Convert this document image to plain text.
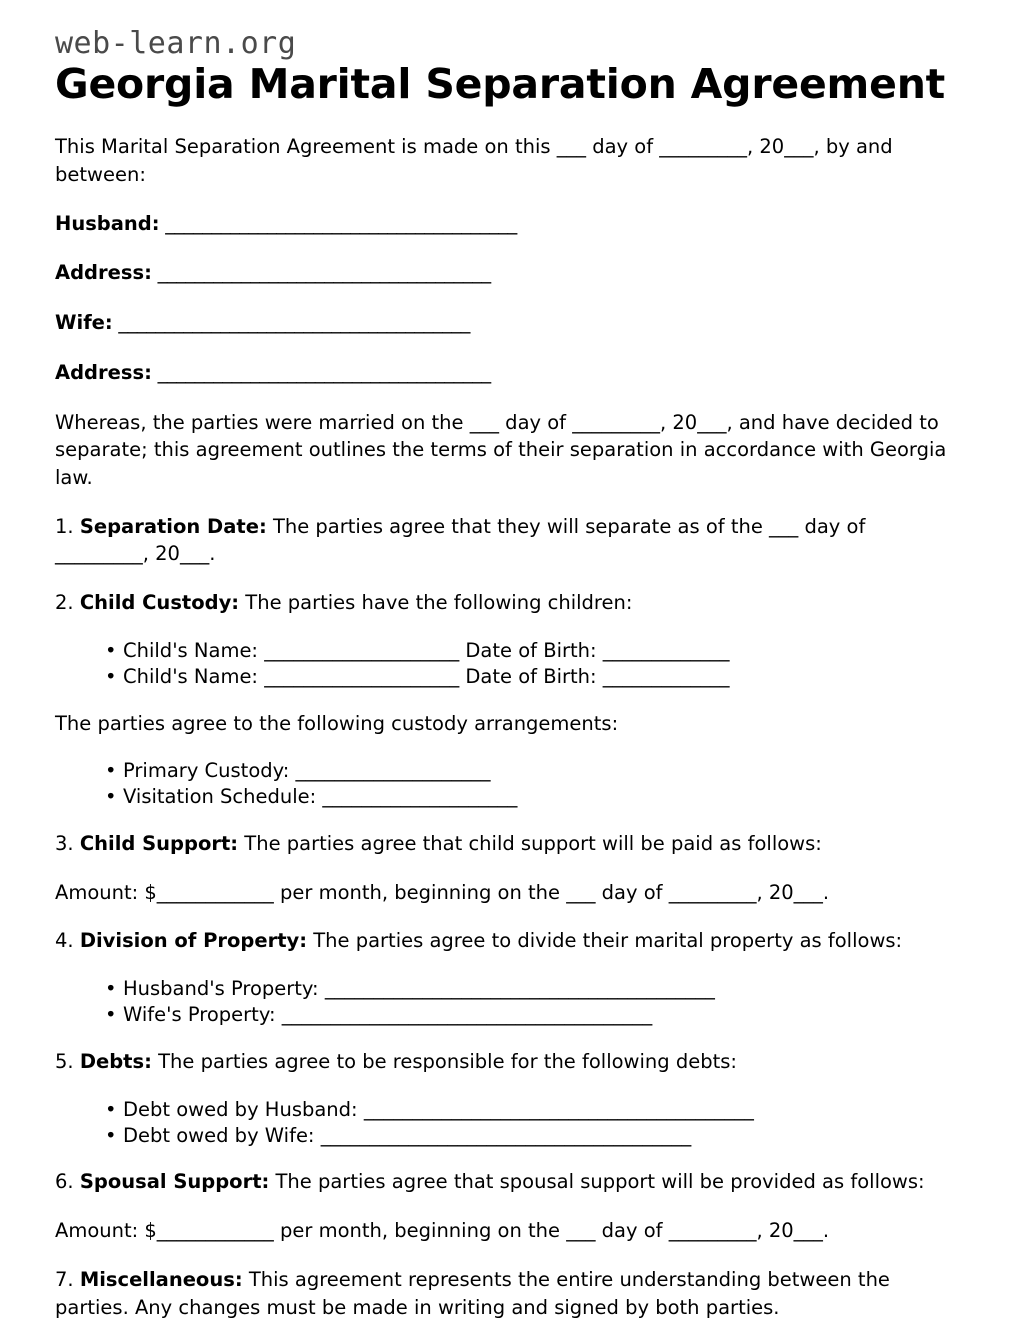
web-learn.org
Georgia Marital Separation Agreement

This Marital Separation Agreement is made on this ___ day of _________, 20___, by and between:

Husband: ______________________________________
Address: ____________________________________
Wife: ______________________________________
Address: ____________________________________

Whereas, the parties were married on the ___ day of _________, 20___, and have decided to separate; this agreement outlines the terms of their separation in accordance with Georgia law.

1. Separation Date: The parties agree that they will separate as of the ___ day of _________, 20___.

2. Child Custody: The parties have the following children:

• Child's Name: ____________________ Date of Birth: _____________
• Child's Name: ____________________ Date of Birth: _____________

The parties agree to the following custody arrangements:

• Primary Custody: ____________________
• Visitation Schedule: ____________________

3. Child Support: The parties agree that child support will be paid as follows:

Amount: $____________ per month, beginning on the ___ day of _________, 20___.

4. Division of Property: The parties agree to divide their marital property as follows:

• Husband's Property: ________________________________________
• Wife's Property: ______________________________________

5. Debts: The parties agree to be responsible for the following debts:

• Debt owed by Husband: ________________________________________
• Debt owed by Wife: ______________________________________

6. Spousal Support: The parties agree that spousal support will be provided as follows:

Amount: $____________ per month, beginning on the ___ day of _________, 20___.

7. Miscellaneous: This agreement represents the entire understanding between the parties. Any changes must be made in writing and signed by both parties.
